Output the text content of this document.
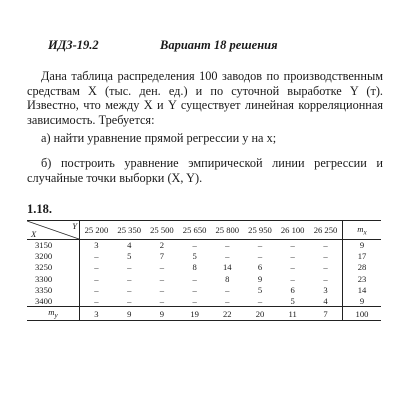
ИДЗ-19.2	Вариант 18 решения
Дана таблица распределения 100 заводов по производственным средствам X (тыс. ден. ед.) и по суточной выработке Y (т). Известно, что между X и Y существует линейная корреляционная зависимость. Требуется:
а) найти уравнение прямой регрессии y на x;
б) построить уравнение эмпирической линии регрессии и случайные точки выборки (X, Y).
1.18.
Y
X	25 200	25 350	25 500	25 650	25 800	25 950	26 100	26 250	$m_x$
3150	3	4	2	–	–	–	–	–	9
3200	–	5	7	5	–	–	–	–	17
3250	–	–	–	8	14	6	–	–	28
3300	–	–	–	–	8	9	–	–	23
3350	–	–	–	–	–	5	6	3	14
3400	–	–	–	–	–	–	5	4	9
$m_y$	3	9	9	19	22	20	11	7	100
